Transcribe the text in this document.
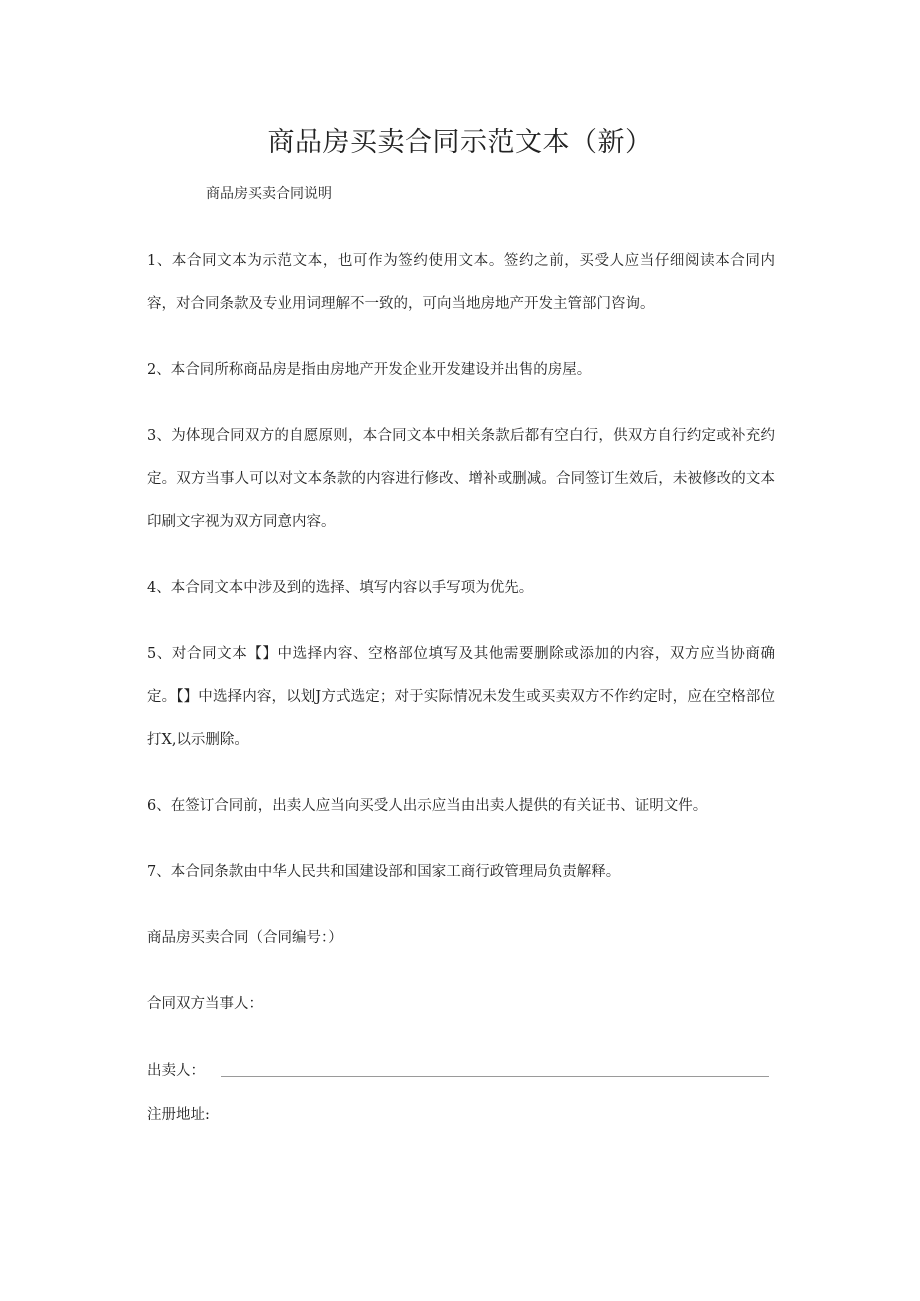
商品房买卖合同示范文本（新）
商品房买卖合同说明

1、本合同文本为示范文本，也可作为签约使用文本。签约之前，买受人应当仔细阅读本合同内容，对合同条款及专业用词理解不一致的，可向当地房地产开发主管部门咨询。

2、本合同所称商品房是指由房地产开发企业开发建设并出售的房屋。

3、为体现合同双方的自愿原则，本合同文本中相关条款后都有空白行，供双方自行约定或补充约定。双方当事人可以对文本条款的内容进行修改、增补或删减。合同签订生效后，未被修改的文本印刷文字视为双方同意内容。

4、本合同文本中涉及到的选择、填写内容以手写项为优先。

5、对合同文本【】中选择内容、空格部位填写及其他需要删除或添加的内容，双方应当协商确定。【】中选择内容，以划J方式选定；对于实际情况未发生或买卖双方不作约定时，应在空格部位打X,以示删除。

6、在签订合同前，出卖人应当向买受人出示应当由出卖人提供的有关证书、证明文件。

7、本合同条款由中华人民共和国建设部和国家工商行政管理局负责解释。

商品房买卖合同（合同编号：）

合同双方当事人：

出卖人：
注册地址:
